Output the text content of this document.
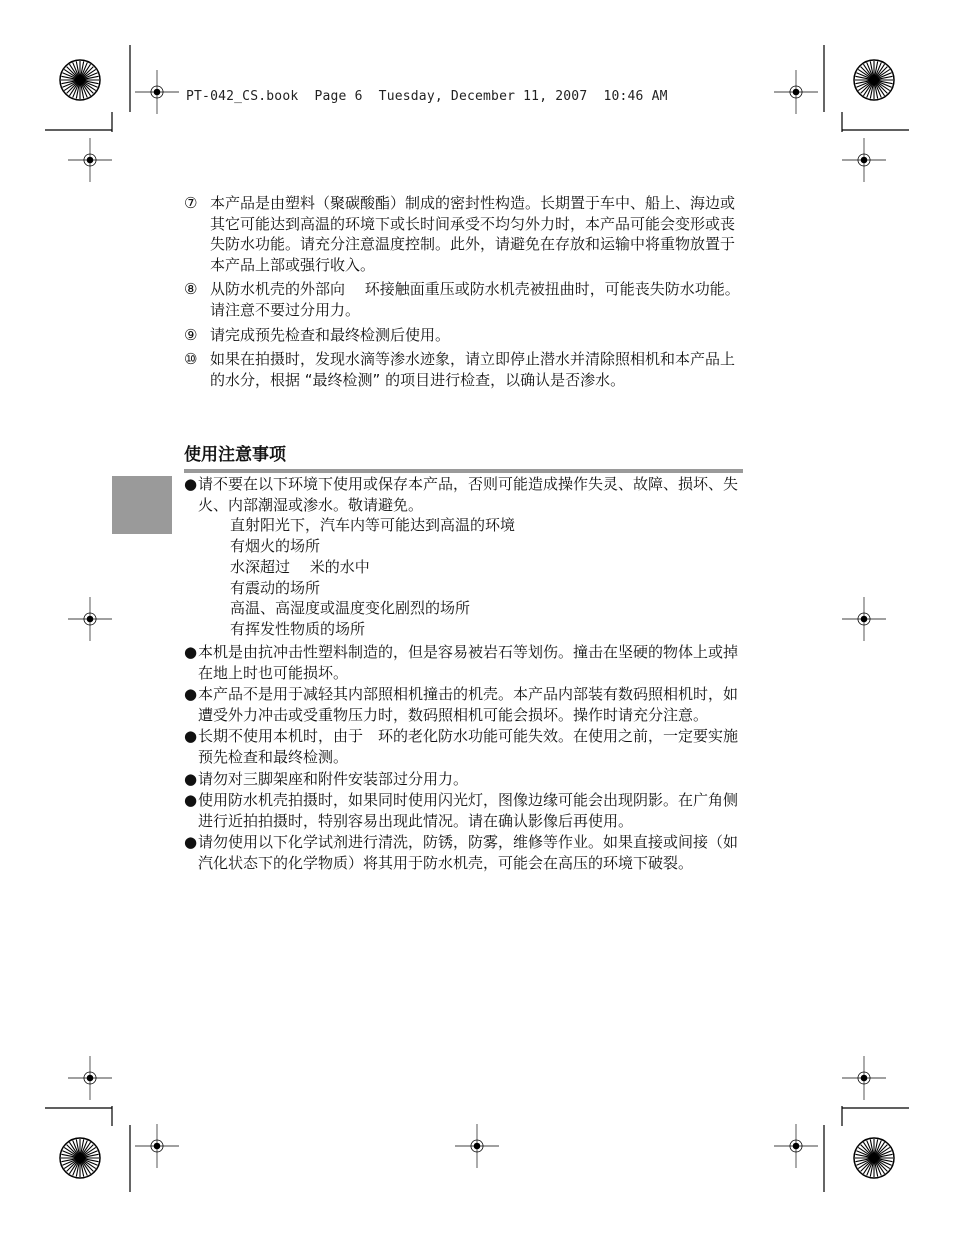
PT-042_CS.book Page 6 Tuesday, December 11, 2007 10:46 AM
⑦ 本产品是由塑料（聚碳酸酯）制成的密封性构造。长期置于车中、船上、海边或其它可能达到高温的环境下或长时间承受不均匀外力时，本产品可能会变形或丧失防水功能。请充分注意温度控制。此外，请避免在存放和运输中将重物放置于本产品上部或强行收入。
⑧ 从防水机壳的外部向　 环接触面重压或防水机壳被扭曲时，可能丧失防水功能。请注意不要过分用力。
⑨ 请完成预先检查和最终检测后使用。
⑩ 如果在拍摄时，发现水滴等渗水迹象，请立即停止潜水并清除照相机和本产品上的水分，根据 “最终检测” 的项目进行检查，以确认是否渗水。
使用注意事项
● 请不要在以下环境下使用或保存本产品，否则可能造成操作失灵、故障、损坏、失火、内部潮湿或渗水。敬请避免。
直射阳光下，汽车内等可能达到高温的环境
有烟火的场所
水深超过　 米的水中
有震动的场所
高温、高湿度或温度变化剧烈的场所
有挥发性物质的场所
● 本机是由抗冲击性塑料制造的，但是容易被岩石等划伤。撞击在坚硬的物体上或掉在地上时也可能损坏。
● 本产品不是用于减轻其内部照相机撞击的机壳。本产品内部装有数码照相机时，如遭受外力冲击或受重物压力时，数码照相机可能会损坏。操作时请充分注意。
● 长期不使用本机时，由于　环的老化防水功能可能失效。在使用之前，一定要实施预先检查和最终检测。
● 请勿对三脚架座和附件安装部过分用力。
● 使用防水机壳拍摄时，如果同时使用闪光灯，图像边缘可能会出现阴影。在广角侧进行近拍拍摄时，特别容易出现此情况。请在确认影像后再使用。
● 请勿使用以下化学试剂进行清洗，防锈，防雾，维修等作业。如果直接或间接（如汽化状态下的化学物质）将其用于防水机壳，可能会在高压的环境下破裂。
